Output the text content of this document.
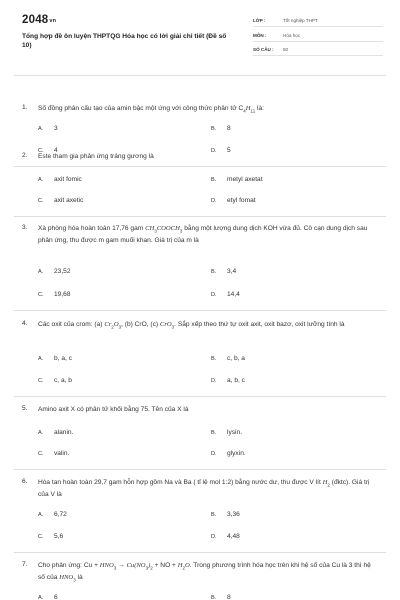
2048vn
Tổng hợp đề ôn luyện THPTQG Hóa học có lời giải chi tiết (Đề số 10)
LỚP :	Tốt nghiệp THPT
MÔN :	Hóa học
SỐ CÂU : 50
1. Số đồng phân cấu tạo của amin bậc một ứng với công thức phân tử $C_4H_{11}$ là:
A. 3	B. 8
C. 4	D. 5
2. Este tham gia phản ứng tráng gương là
A. axit fomic	B. metyl axetat
C. axit axetic	D. etyl fomat
3. Xà phòng hóa hoàn toàn 17,76 gam $CH_3COOCH_3$ bằng một lượng dung dịch KOH vừa đủ. Cô cạn dung dịch sau phản ứng, thu được m gam muối khan. Giá trị của m là
A. 23,52	B. 3,4
C. 19,68	D. 14,4
4. Các oxit của crom: (a) $Cr_2O_3$, (b) CrO, (c) CrO$_3$. Sắp xếp theo thứ tự oxit axit, oxit bazơ, oxit lưỡng tính là
A. b, a, c	B. c, b, a
C. c, a, b	D. a, b, c
5. Amino axit X có phân tử khối bằng 75. Tên của X là
A. alanin.	B. lysin.
C. valin.	D. glyxin.
6. Hòa tan hoàn toàn 29,7 gam hỗn hợp gồm Na và Ba ( tỉ lệ mol 1:2) bằng nước dư, thu được V lít $H_2$ (đktc). Giá trị của V là
A. 6,72	B. 3,36
C. 5,6	D. 4,48
7. Cho phản ứng: $Cu + HNO_3 \to Cu(NO_3)_2$ + NO + $H_2O$. Trong phương trình hóa học trên khi hệ số của Cu là 3 thì hệ số của $HNO_3$ là
A. 6	B. 8
